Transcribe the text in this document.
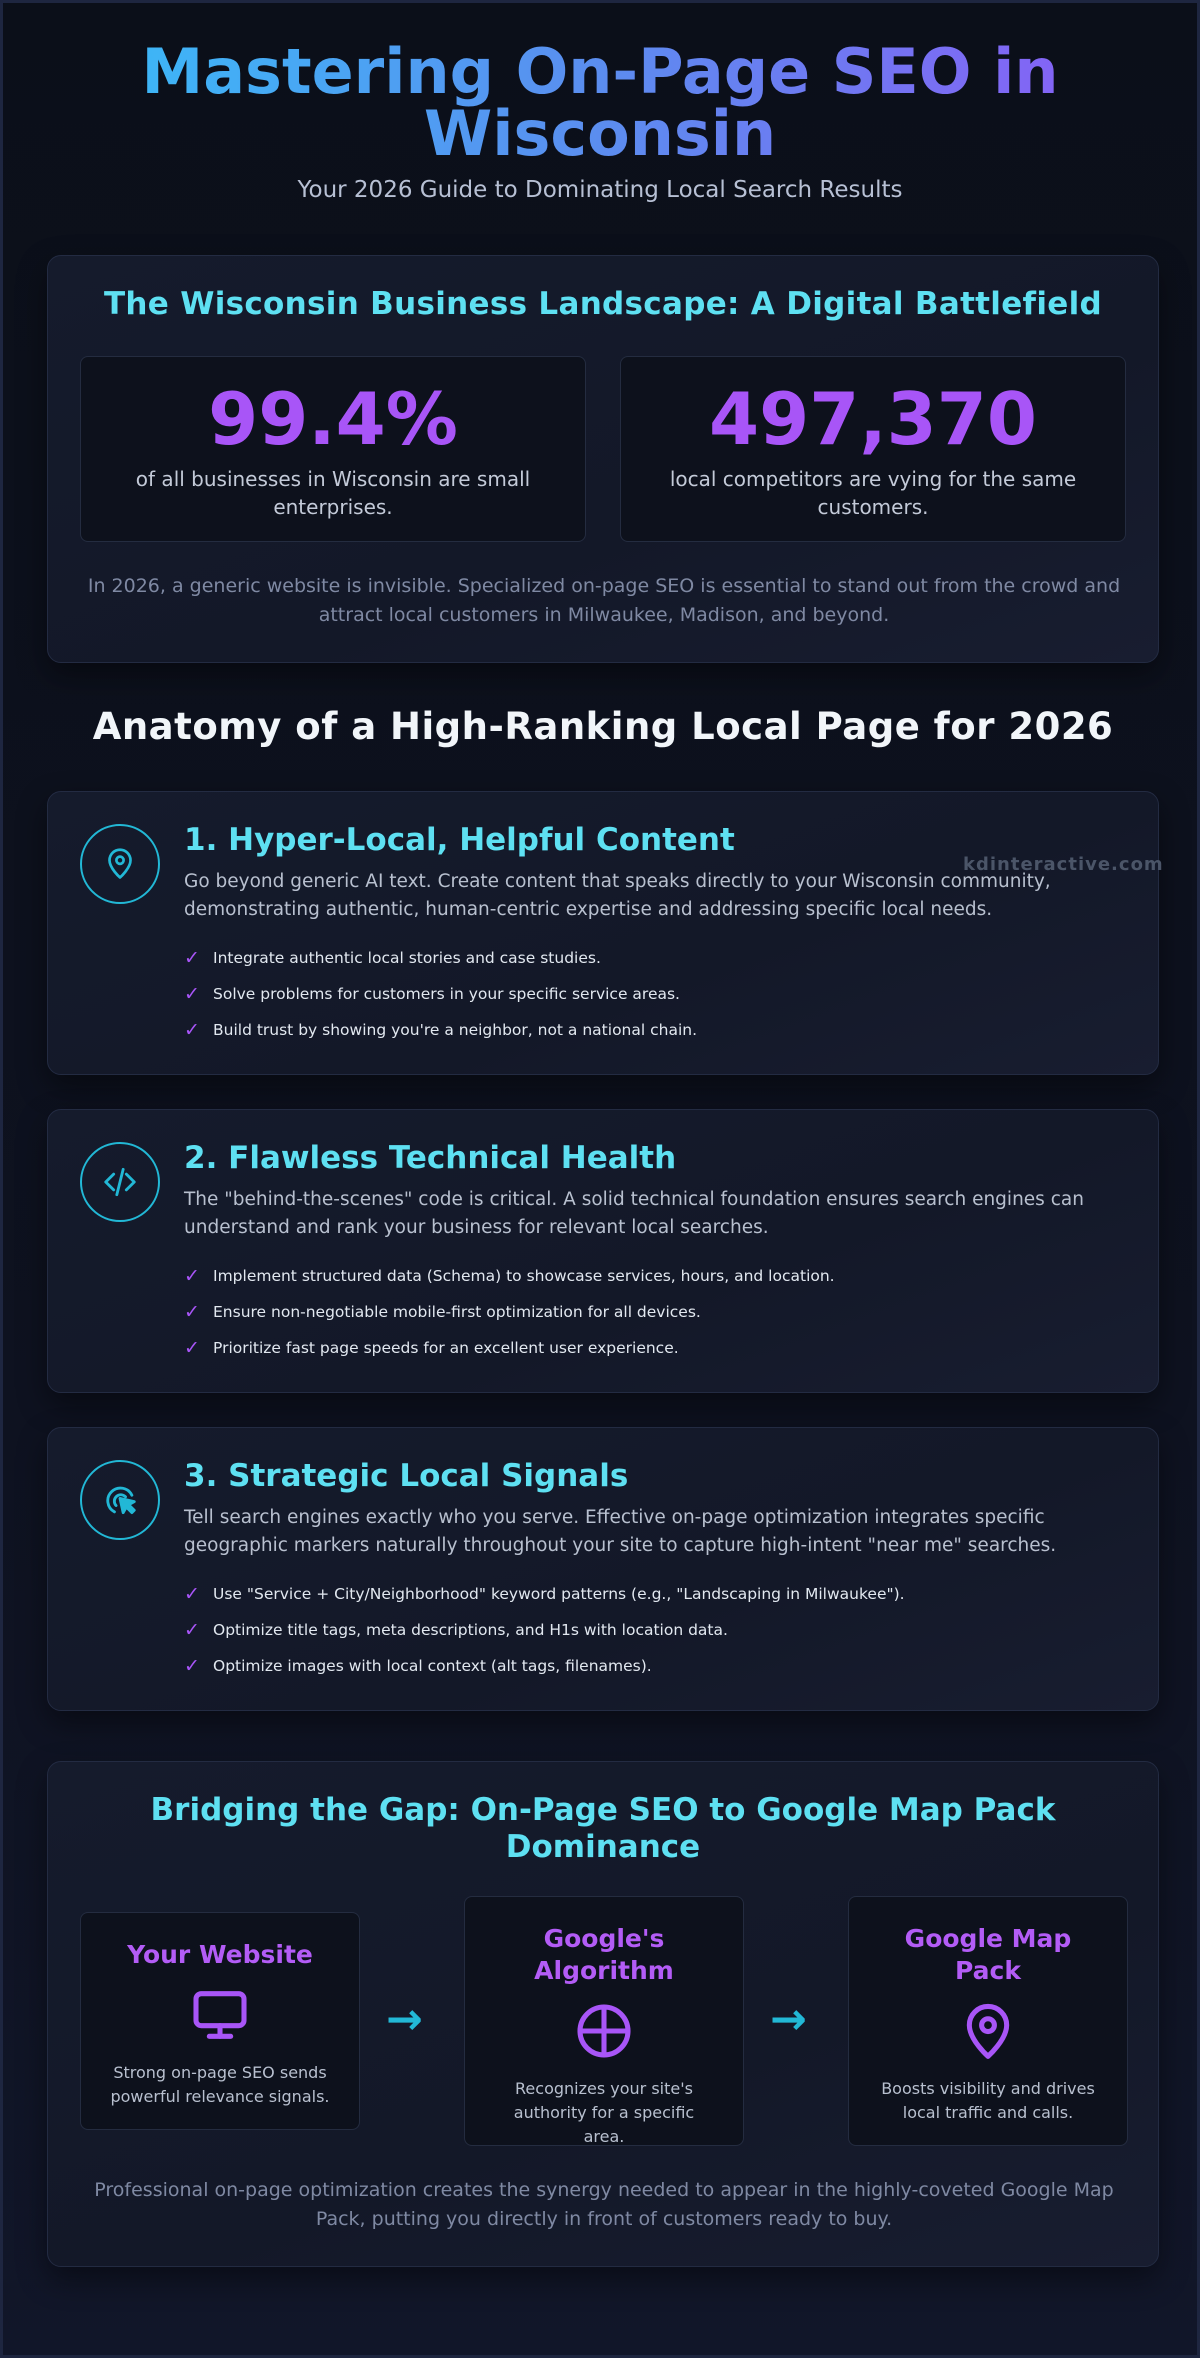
Mastering On-Page SEO in Wisconsin

Your 2026 Guide to Dominating Local Search Results

The Wisconsin Business Landscape: A Digital Battlefield
99.4%
of all businesses in Wisconsin are small enterprises.
497,370
local competitors are vying for the same customers.

In 2026, a generic website is invisible. Specialized on-page SEO is essential to stand out from the crowd and attract local customers in Milwaukee, Madison, and beyond.

Anatomy of a High-Ranking Local Page for 2026
1. Hyper-Local, Helpful Content

Go beyond generic AI text. Create content that speaks directly to your Wisconsin community, demonstrating authentic, human-centric expertise and addressing specific local needs.

✓ Integrate authentic local stories and case studies.
✓ Solve problems for customers in your specific service areas.
✓ Build trust by showing you're a neighbor, not a national chain.
kdinteractive.com
2. Flawless Technical Health

The "behind-the-scenes" code is critical. A solid technical foundation ensures search engines can understand and rank your business for relevant local searches.

✓ Implement structured data (Schema) to showcase services, hours, and location.
✓ Ensure non-negotiable mobile-first optimization for all devices.
✓ Prioritize fast page speeds for an excellent user experience.
3. Strategic Local Signals

Tell search engines exactly who you serve. Effective on-page optimization integrates specific geographic markers naturally throughout your site to capture high-intent "near me" searches.

✓ Use "Service + City/Neighborhood" keyword patterns (e.g., "Landscaping in Milwaukee").
✓ Optimize title tags, meta descriptions, and H1s with location data.
✓ Optimize images with local context (alt tags, filenames).
Bridging the Gap: On-Page SEO to Google Map Pack Dominance
Your Website

Strong on-page SEO sends powerful relevance signals.

→
Google's Algorithm

Recognizes your site's authority for a specific area.

→
Google Map Pack

Boosts visibility and drives local traffic and calls.

Professional on-page optimization creates the synergy needed to appear in the highly-coveted Google Map Pack, putting you directly in front of customers ready to buy.
